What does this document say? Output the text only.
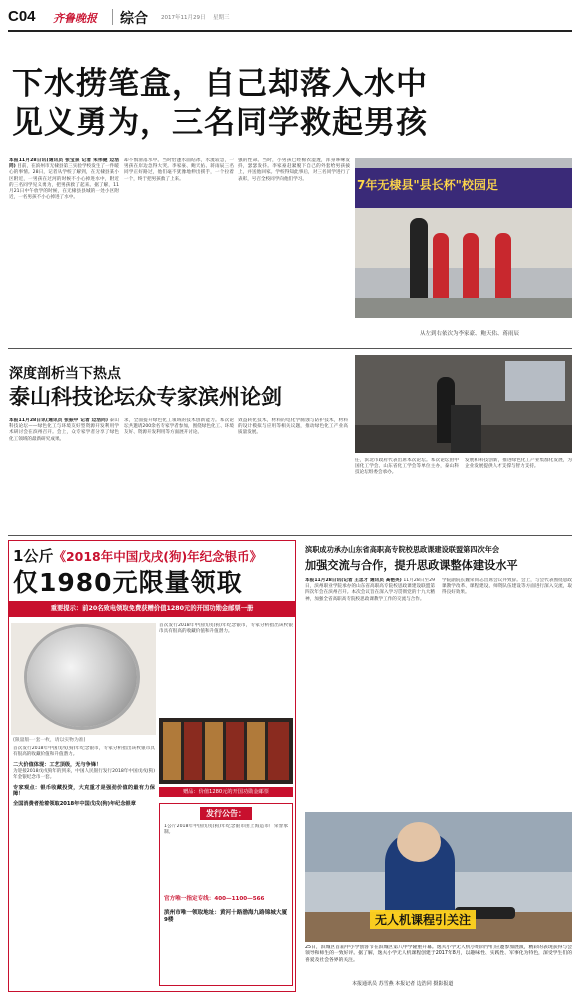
C04 齐鲁晚报 综合 2017年11月29日 星期三
下水捞笔盒，自己却落入水中
见义勇为，三名同学救起男孩
本报11月28日讯(通讯员 张宝泉 记者 朱伟健 边浩同) 目前，在滨州市无棣县第三实验学校发生了一件暖心的事情。28日，记者从学校了解到，在无棣县某小区附近，一男孩在过河的时候不小心掉进水中，附近的三名同学见义勇为，把男孩救了起来。据了解，11月21日中午放学的时候，在无棣县县城的一处小区附近，一名男孩不小心掉进了水中。
却不慎滑落水中。当时恰逢水面结冰，水流较急，一男孩在岸边急得大哭。李家豪、鲍天佑、蒋雨辰三名同学正好路过，他们毫不犹豫地伸出援手，一个拉着一个，终于把男孩救了上来。
强的性命。当时，小男孩已经棉衣湿透，浑身哆嗦发抖，瑟瑟发抖。李家豪赶紧脱下自己的外套给男孩披上，并送他回家。学校得知此事后，对三名同学进行了表彰，号召全校同学向他们学习。	7年无棣县"县长杯"校园足
从左到右依次为李家豪、鲍天佑、蒋雨辰
深度剖析当下热点
泰山科技论坛众专家滨州论剑
本报11月28日讯(通讯员 张振中 记者 边浩同) 泰山科技论坛——绿色化工与环境友好型资源开发利用学术研讨会在滨州召开。会上，众专家学者分享了绿色化工领域的最新研究成果。
求，全面提升绿色化工领域的技术创新能力。本次论坛共邀请200余名专家学者参加，围绕绿色化工、环境友好、资源开发利用等方面展开讨论。
效益转化技术，材料的电化学腐蚀与防护技术，材料的设计模拟与应用等相关议题，推动绿色化工产业高质量发展。
任，滨北市政府代表出席本次论坛。本次论坛由中国化工学会、山东省化工学会等单位主办，泰山科技论坛组委会承办。
发展和科技创新，推进绿色化工产业集群化发展，为企业发展提供人才支撑与智力支持。
1公斤《2018年中国戊戌(狗)年纪念银币》
仅1980元限量领取
重要提示：前20名致电领取免费获赠价值1280元的开国功勋金邮票一册
(限量版·一套一枚，请以实物为准)
首次发行2018年中国戊戌(狗)年纪念银币，专家分析指出该枚银币具有很高的收藏价值和升值潜力。
二大价值体现：工艺顶级，无与争锋！
为迎接2018戊戌狗年的到来，中国人民银行发行2018年中国戊戌(狗)年金银纪念币一套。
专家观点：银币收藏投资，大克重才是强劲价值的最有力保障！
全国消费者抢着领取2018年中国戊戌(狗)年纪念银章
首次发行2018年中国戊戌(狗)年纪念银币，专家分析指出该枚银币具有很高的收藏价值和升值潜力。
赠品：价值1280元的开国功勋金邮票
发行公告：
1公斤2018年中国戊戌(狗)年纪念银币由上海造币厂荣誉承制。
官方唯一指定专线：400—1100—566
滨州市唯一领取地址：黄河十路渤海九路锦城大厦9楼
滨职成功承办山东省高职高专院校思政课建设联盟第四次年会
加强交流与合作，提升思政课整体建设水平
本报11月28日讯(记者 王忠才 通讯员 高艳英) 11月28日至29日，滨州职业学院承办的山东省高职高专院校思政课建设联盟第四次年会在滨州召开。本次会议旨在深入学习贯彻党的十九大精神，加强全省高职高专院校思政课教学工作的交流与合作。
学院副院长魏荣同志出席会议并致辞。会上，与会代表围绕思政课教学改革、课程建设、师资队伍建设等方面进行深入交流，取得良好效果。
无人机课程引关注
25日，滨城区首届中小学创客节在滨城区第八中学隆重开幕。逸夫小学无人机小组同学们应邀参加展演，精彩的表现获得与会领导和师生的一致好评。据了解，逸夫小学无人机课程创建于2017年8月，以趣味性、实践性、军事化为特色，深受学生们的喜爱及社会各界的关注。
本报通讯员 苏雪燕 本报记者 边浩同 摄影报道
